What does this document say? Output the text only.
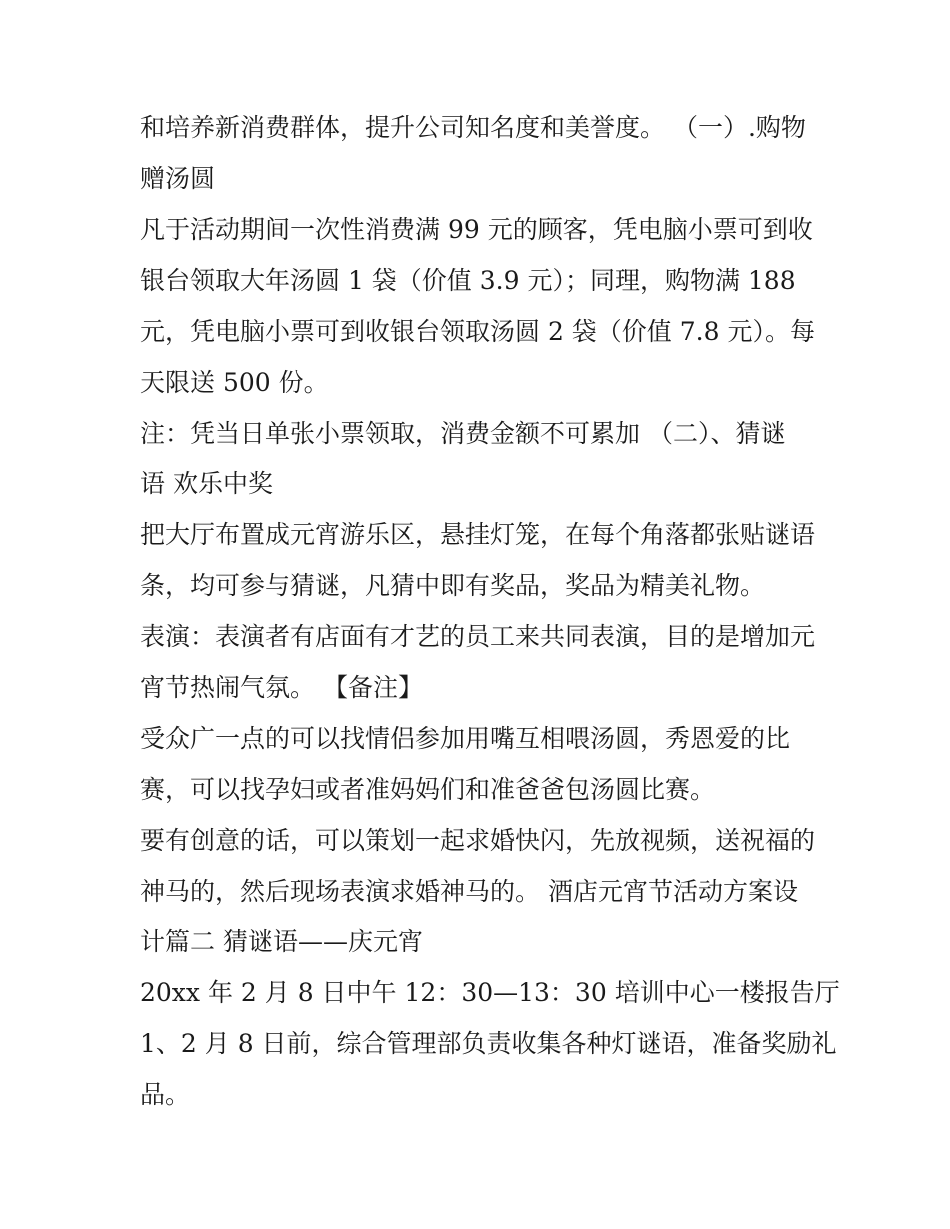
和培养新消费群体，提升公司知名度和美誉度。 （一）.购物
赠汤圆
凡于活动期间一次性消费满 99 元的顾客，凭电脑小票可到收
银台领取大年汤圆 1 袋（价值 3.9 元）；同理，购物满 188
元，凭电脑小票可到收银台领取汤圆 2 袋（价值 7.8 元）。每
天限送 500 份。
注：凭当日单张小票领取，消费金额不可累加 （二）、猜谜
语 欢乐中奖
把大厅布置成元宵游乐区，悬挂灯笼，在每个角落都张贴谜语
条，均可参与猜谜，凡猜中即有奖品，奖品为精美礼物。
表演：表演者有店面有才艺的员工来共同表演，目的是增加元
宵节热闹气氛。 【备注】
受众广一点的可以找情侣参加用嘴互相喂汤圆，秀恩爱的比
赛，可以找孕妇或者准妈妈们和准爸爸包汤圆比赛。
要有创意的话，可以策划一起求婚快闪，先放视频，送祝福的
神马的，然后现场表演求婚神马的。 酒店元宵节活动方案设
计篇二 猜谜语——庆元宵
20xx 年 2 月 8 日中午 12：30—13：30 培训中心一楼报告厅
1、2 月 8 日前，综合管理部负责收集各种灯谜语，准备奖励礼
品。
